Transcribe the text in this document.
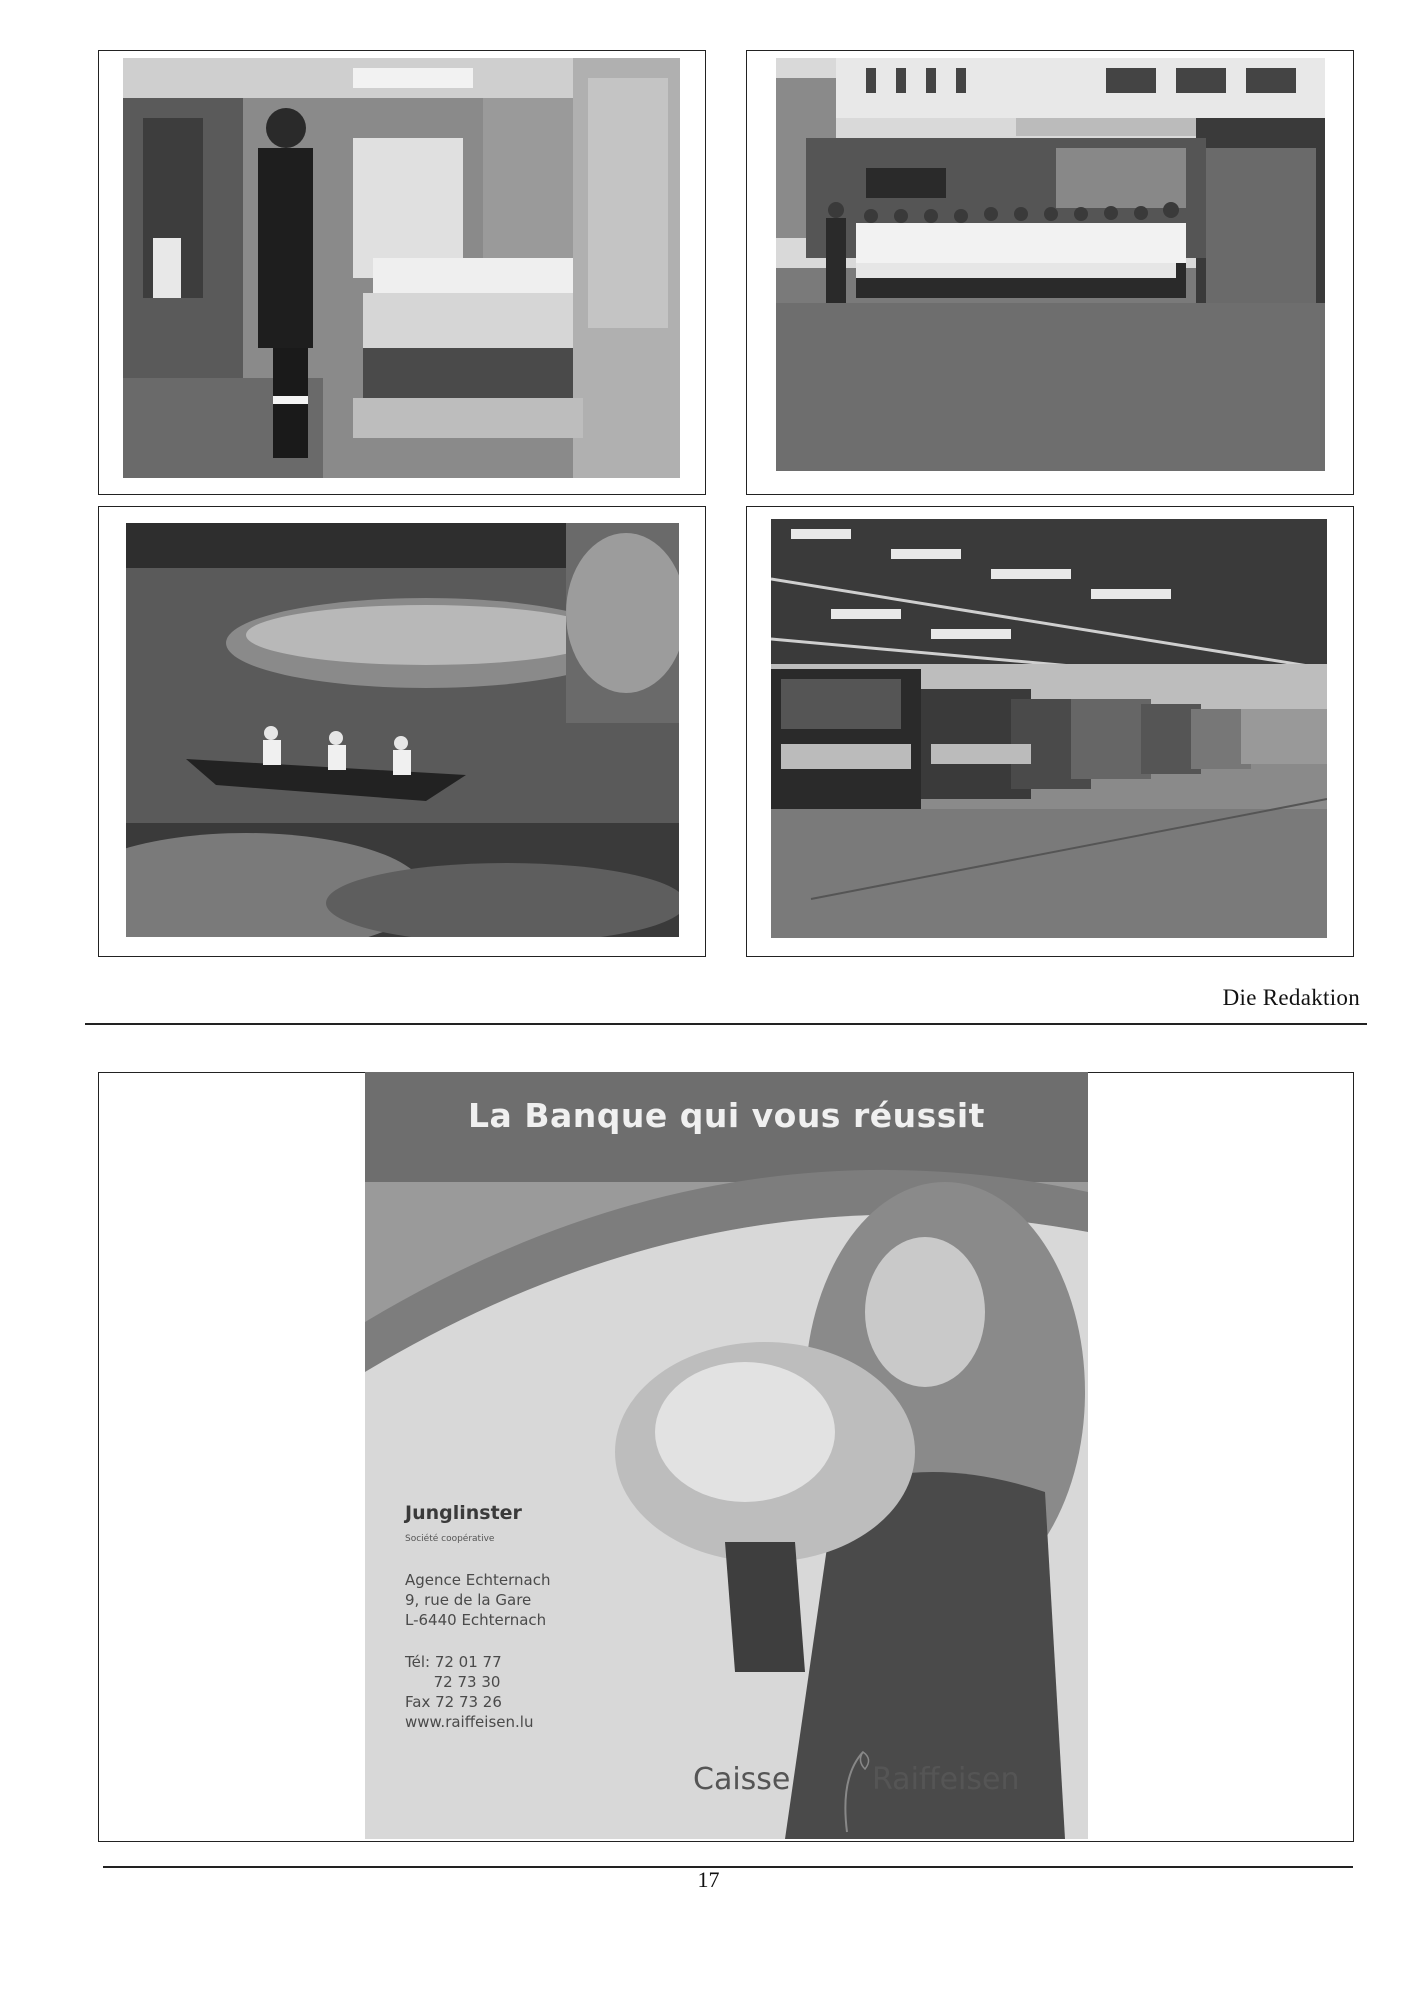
Die Redaktion
La Banque qui vous réussit
Junglinster
Société coopérative
Agence Echternach
9, rue de la Gare
L-6440 Echternach
Tél: 72 01 77
72 73 30
Fax 72 73 26
www.raiffeisen.lu
Caisse	Raiffeisen
17
